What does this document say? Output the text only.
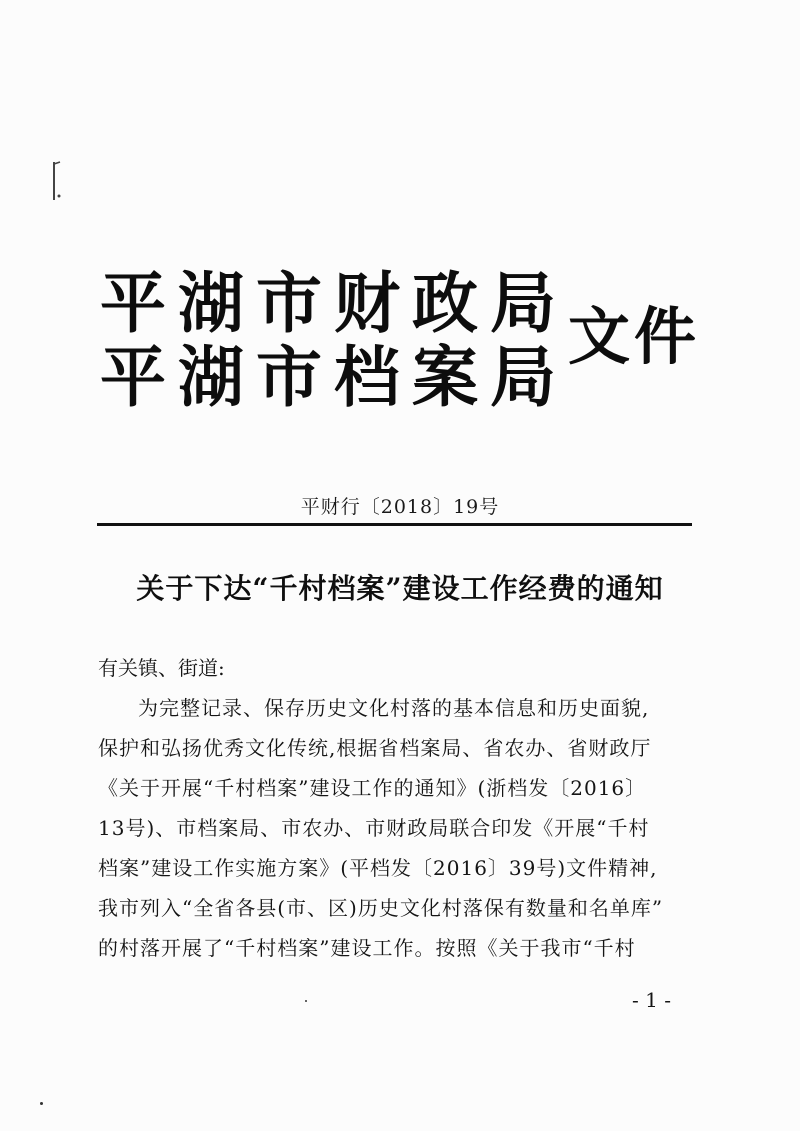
平湖市财政局
平湖市档案局
文件
平财行〔2018〕19号
关于下达“千村档案”建设工作经费的通知
有关镇、街道:
为完整记录、保存历史文化村落的基本信息和历史面貌,
保护和弘扬优秀文化传统,根据省档案局、省农办、省财政厅
《关于开展“千村档案”建设工作的通知》(浙档发〔2016〕
13号)、市档案局、市农办、市财政局联合印发《开展“千村
档案”建设工作实施方案》(平档发〔2016〕39号)文件精神,
我市列入“全省各县(市、区)历史文化村落保有数量和名单库”
的村落开展了“千村档案”建设工作。按照《关于我市“千村
- 1 -
